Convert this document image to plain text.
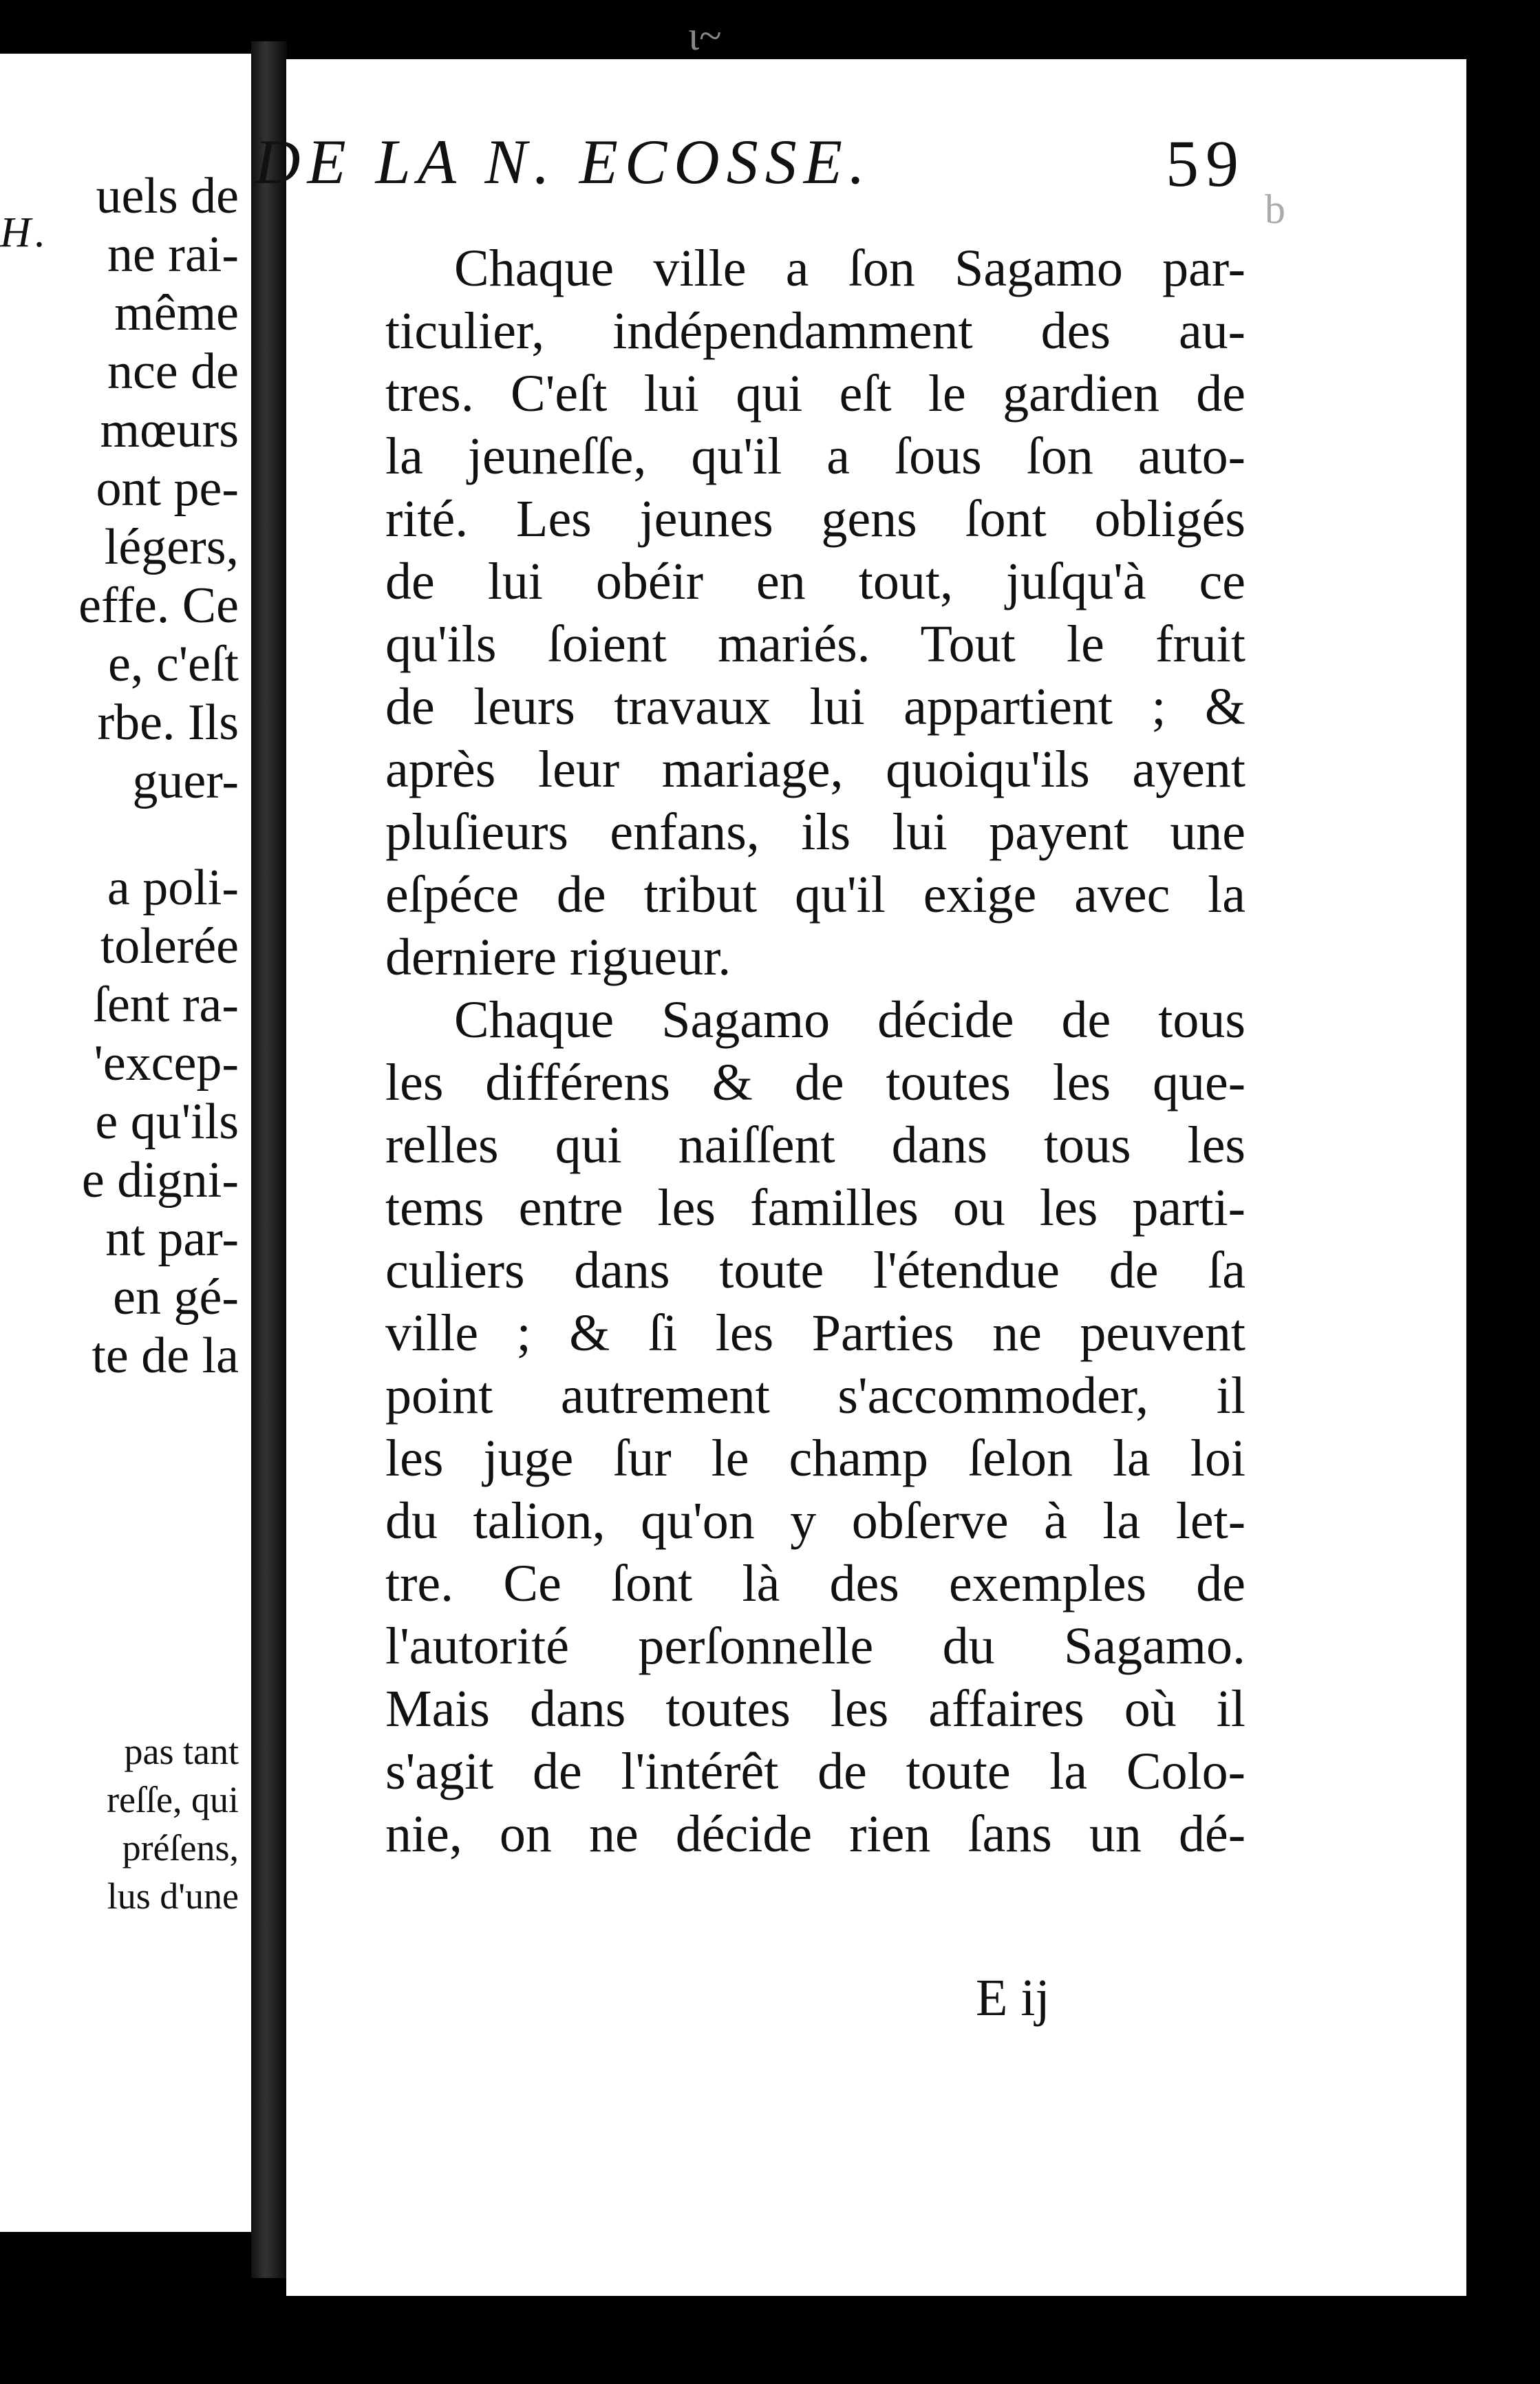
H.
uels de
ne rai-
même
nce de
mœurs
ont pe-
légers,
effe. Ce
e, c'eſt
rbe. Ils
guer-
a poli-
tolerée
ſent ra-
'excep-
e qu'ils
e digni-
nt par-
en gé-
te de la
pas tant
reſſe, qui
préſens,
lus d'une
ɩ~
DE LA N. ECOSSE.	59
b
Chaque ville a ſon Sagamo par-
ticulier, indépendamment des au-
tres. C'eſt lui qui eſt le gardien de
la jeuneſſe, qu'il a ſous ſon auto-
rité. Les jeunes gens ſont obligés
de lui obéir en tout, juſqu'à ce
qu'ils ſoient mariés. Tout le fruit
de leurs travaux lui appartient ; &
après leur mariage, quoiqu'ils ayent
pluſieurs enfans, ils lui payent une
eſpéce de tribut qu'il exige avec la
derniere rigueur.
Chaque Sagamo décide de tous
les différens & de toutes les que-
relles qui naiſſent dans tous les
tems entre les familles ou les parti-
culiers dans toute l'étendue de ſa
ville ; & ſi les Parties ne peuvent
point autrement s'accommoder, il
les juge ſur le champ ſelon la loi
du talion, qu'on y obſerve à la let-
tre. Ce ſont là des exemples de
l'autorité perſonnelle du Sagamo.
Mais dans toutes les affaires où il
s'agit de l'intérêt de toute la Colo-
nie, on ne décide rien ſans un dé-
E ij
